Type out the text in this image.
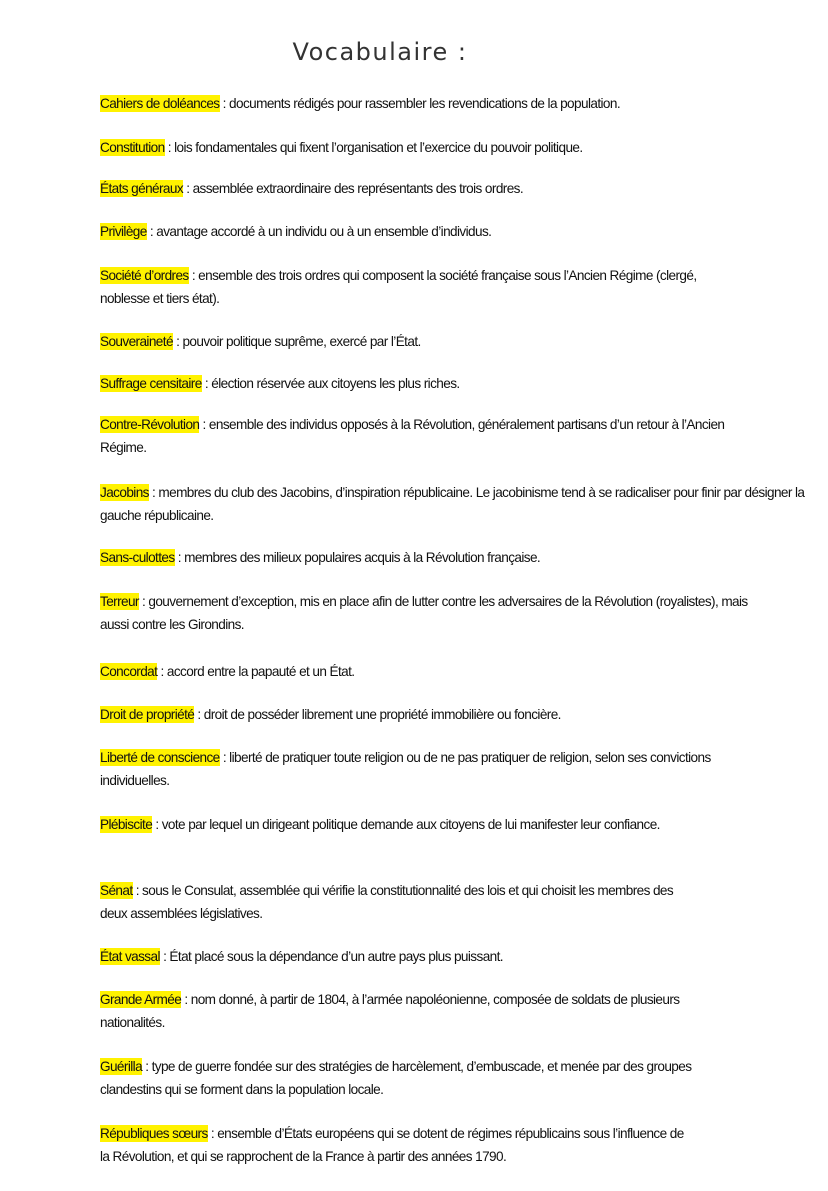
Vocabulaire :

Cahiers de doléances : documents rédigés pour rassembler les revendications de la population.

Constitution : lois fondamentales qui fixent l’organisation et l’exercice du pouvoir politique.

États généraux : assemblée extraordinaire des représentants des trois ordres.

Privilège : avantage accordé à un individu ou à un ensemble d’individus.

Société d’ordres : ensemble des trois ordres qui composent la société française sous l’Ancien Régime (clergé, noblesse et tiers état).

Souveraineté : pouvoir politique suprême, exercé par l’État.

Suffrage censitaire : élection réservée aux citoyens les plus riches.

Contre-Révolution : ensemble des individus opposés à la Révolution, généralement partisans d’un retour à l’Ancien Régime.

Jacobins : membres du club des Jacobins, d’inspiration républicaine. Le jacobinisme tend à se radicaliser pour finir par désigner la gauche républicaine.

Sans-culottes : membres des milieux populaires acquis à la Révolution française.

Terreur : gouvernement d’exception, mis en place afin de lutter contre les adversaires de la Révolution (royalistes), mais aussi contre les Girondins.

Concordat : accord entre la papauté et un État.

Droit de propriété : droit de posséder librement une propriété immobilière ou foncière.

Liberté de conscience : liberté de pratiquer toute religion ou de ne pas pratiquer de religion, selon ses convictions individuelles.

Plébiscite : vote par lequel un dirigeant politique demande aux citoyens de lui manifester leur confiance.

Sénat : sous le Consulat, assemblée qui vérifie la constitutionnalité des lois et qui choisit les membres des deux assemblées législatives.

État vassal : État placé sous la dépendance d’un autre pays plus puissant.

Grande Armée : nom donné, à partir de 1804, à l’armée napoléonienne, composée de soldats de plusieurs nationalités.

Guérilla : type de guerre fondée sur des stratégies de harcèlement, d’embuscade, et menée par des groupes clandestins qui se forment dans la population locale.

Républiques sœurs : ensemble d’États européens qui se dotent de régimes républicains sous l’influence de la Révolution, et qui se rapprochent de la France à partir des années 1790.
